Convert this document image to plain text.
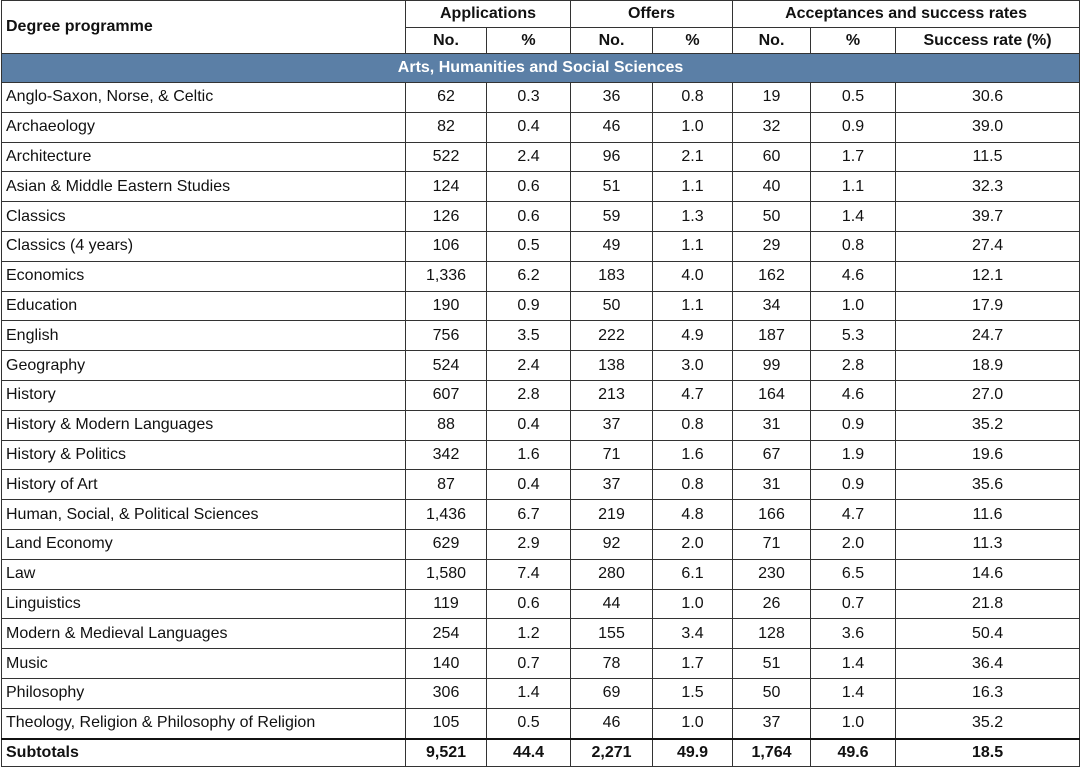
Degree programme	Applications		Offers		Acceptances and success rates		
	No.	%	No.	%	No.	%	Success rate (%)
Arts, Humanities and Social Sciences							
Anglo-Saxon, Norse, & Celtic	62	0.3	36	0.8	19	0.5	30.6
Archaeology	82	0.4	46	1.0	32	0.9	39.0
Architecture	522	2.4	96	2.1	60	1.7	11.5
Asian & Middle Eastern Studies	124	0.6	51	1.1	40	1.1	32.3
Classics	126	0.6	59	1.3	50	1.4	39.7
Classics (4 years)	106	0.5	49	1.1	29	0.8	27.4
Economics	1,336	6.2	183	4.0	162	4.6	12.1
Education	190	0.9	50	1.1	34	1.0	17.9
English	756	3.5	222	4.9	187	5.3	24.7
Geography	524	2.4	138	3.0	99	2.8	18.9
History	607	2.8	213	4.7	164	4.6	27.0
History & Modern Languages	88	0.4	37	0.8	31	0.9	35.2
History & Politics	342	1.6	71	1.6	67	1.9	19.6
History of Art	87	0.4	37	0.8	31	0.9	35.6
Human, Social, & Political Sciences	1,436	6.7	219	4.8	166	4.7	11.6
Land Economy	629	2.9	92	2.0	71	2.0	11.3
Law	1,580	7.4	280	6.1	230	6.5	14.6
Linguistics	119	0.6	44	1.0	26	0.7	21.8
Modern & Medieval Languages	254	1.2	155	3.4	128	3.6	50.4
Music	140	0.7	78	1.7	51	1.4	36.4
Philosophy	306	1.4	69	1.5	50	1.4	16.3
Theology, Religion & Philosophy of Religion	105	0.5	46	1.0	37	1.0	35.2
Subtotals	9,521	44.4	2,271	49.9	1,764	49.6	18.5
